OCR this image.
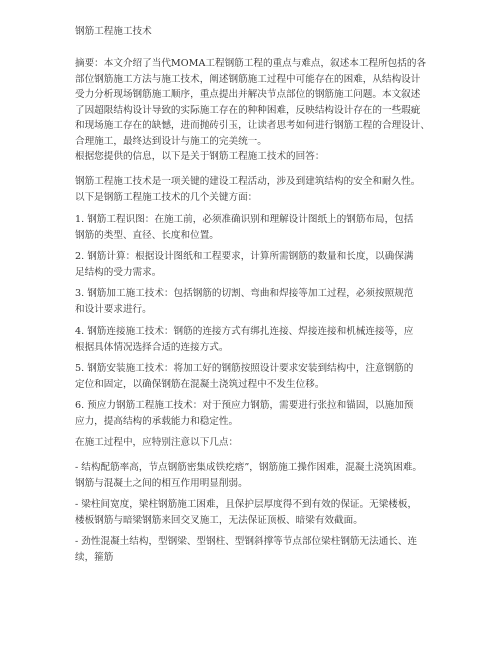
钢筋工程施工技术
摘要：本文介绍了当代MOMA工程钢筋工程的重点与难点，叙述本工程所包括的各
部位钢筋施工方法与施工技术，阐述钢筋施工过程中可能存在的困难，从结构设计
受力分析现场钢筋施工顺序，重点提出并解决节点部位的钢筋施工问题。本文叙述
了因超限结构设计导致的实际施工存在的种种困难，反映结构设计存在的一些瑕疵
和现场施工存在的缺憾，进而抛砖引玉，让读者思考如何进行钢筋工程的合理设计、
合理施工，最终达到设计与施工的完美统一。
根据您提供的信息，以下是关于钢筋工程施工技术的回答：
钢筋工程施工技术是一项关键的建设工程活动，涉及到建筑结构的安全和耐久性。
以下是钢筋工程施工技术的几个关键方面：
1. 钢筋工程识图：在施工前，必须准确识别和理解设计图纸上的钢筋布局，包括
钢筋的类型、直径、长度和位置。
2. 钢筋计算：根据设计图纸和工程要求，计算所需钢筋的数量和长度，以确保满
足结构的受力需求。
3. 钢筋加工施工技术：包括钢筋的切割、弯曲和焊接等加工过程，必须按照规范
和设计要求进行。
4. 钢筋连接施工技术：钢筋的连接方式有绑扎连接、焊接连接和机械连接等，应
根据具体情况选择合适的连接方式。
5. 钢筋安装施工技术：将加工好的钢筋按照设计要求安装到结构中，注意钢筋的
定位和固定，以确保钢筋在混凝土浇筑过程中不发生位移。
6. 预应力钢筋工程施工技术：对于预应力钢筋，需要进行张拉和锚固，以施加预
应力，提高结构的承载能力和稳定性。
在施工过程中，应特别注意以下几点：
- 结构配筋率高，节点钢筋密集成铁疙瘩”，钢筋施工操作困难，混凝土浇筑困难。
钢筋与混凝土之间的相互作用明显削弱。
- 梁柱间宽度，梁柱钢筋施工困难，且保护层厚度得不到有效的保证。无梁楼板，
楼板钢筋与暗梁钢筋来回交叉施工，无法保证顶板、暗梁有效截面。
- 劲性混凝土结构，型钢梁、型钢柱、型钢斜撑等节点部位梁柱钢筋无法通长、连
续，箍筋
